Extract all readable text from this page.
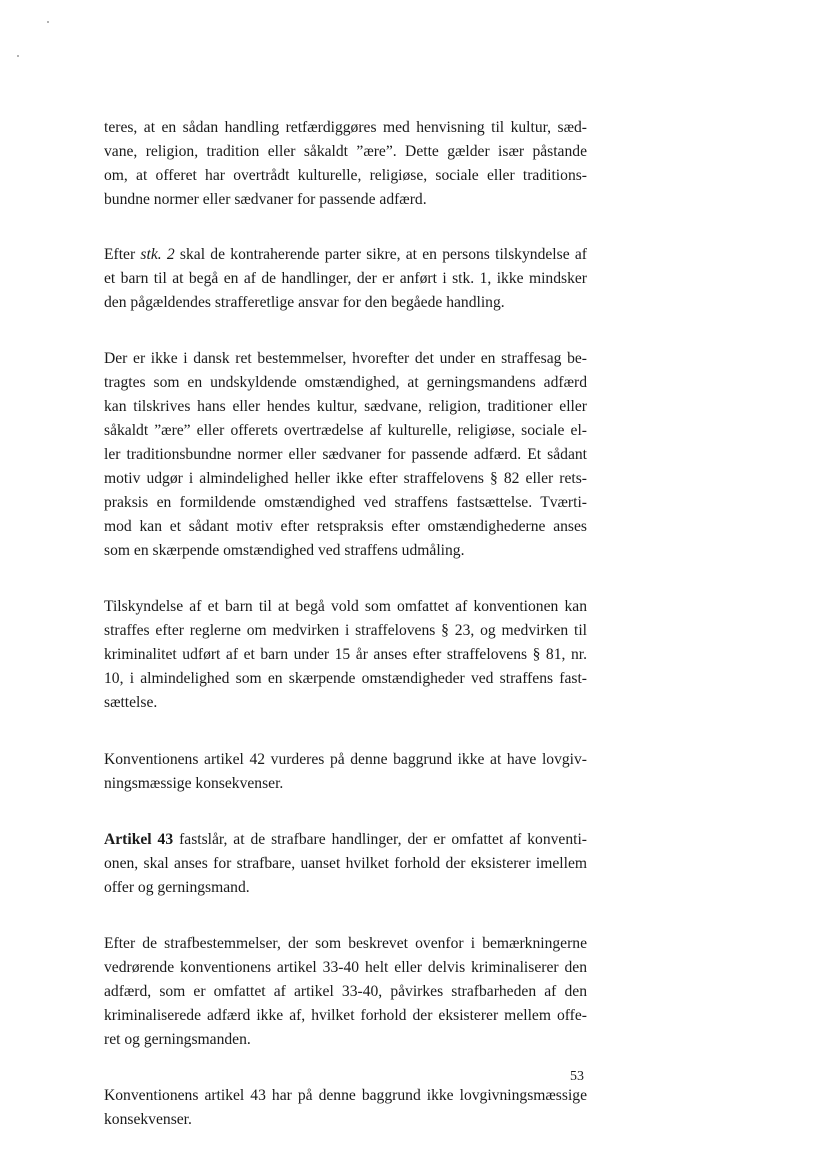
teres, at en sådan handling retfærdiggøres med henvisning til kultur, sæd-
vane, religion, tradition eller såkaldt ”ære”. Dette gælder især påstande
om, at offeret har overtrådt kulturelle, religiøse, sociale eller traditions-
bundne normer eller sædvaner for passende adfærd.

Efter stk. 2 skal de kontraherende parter sikre, at en persons tilskyndelse af
et barn til at begå en af de handlinger, der er anført i stk. 1, ikke mindsker
den pågældendes strafferetlige ansvar for den begåede handling.

Der er ikke i dansk ret bestemmelser, hvorefter det under en straffesag be-
tragtes som en undskyldende omstændighed, at gerningsmandens adfærd
kan tilskrives hans eller hendes kultur, sædvane, religion, traditioner eller
såkaldt ”ære” eller offerets overtrædelse af kulturelle, religiøse, sociale el-
ler traditionsbundne normer eller sædvaner for passende adfærd. Et sådant
motiv udgør i almindelighed heller ikke efter straffelovens § 82 eller rets-
praksis en formildende omstændighed ved straffens fastsættelse. Tværti-
mod kan et sådant motiv efter retspraksis efter omstændighederne anses
som en skærpende omstændighed ved straffens udmåling.

Tilskyndelse af et barn til at begå vold som omfattet af konventionen kan
straffes efter reglerne om medvirken i straffelovens § 23, og medvirken til
kriminalitet udført af et barn under 15 år anses efter straffelovens § 81, nr.
10, i almindelighed som en skærpende omstændigheder ved straffens fast-
sættelse.

Konventionens artikel 42 vurderes på denne baggrund ikke at have lovgiv-
ningsmæssige konsekvenser.

Artikel 43 fastslår, at de strafbare handlinger, der er omfattet af konventi-
onen, skal anses for strafbare, uanset hvilket forhold der eksisterer imellem
offer og gerningsmand.

Efter de strafbestemmelser, der som beskrevet ovenfor i bemærkningerne
vedrørende konventionens artikel 33-40 helt eller delvis kriminaliserer den
adfærd, som er omfattet af artikel 33-40, påvirkes strafbarheden af den
kriminaliserede adfærd ikke af, hvilket forhold der eksisterer mellem offe-
ret og gerningsmanden.

Konventionens artikel 43 har på denne baggrund ikke lovgivningsmæssige
konsekvenser.

53
